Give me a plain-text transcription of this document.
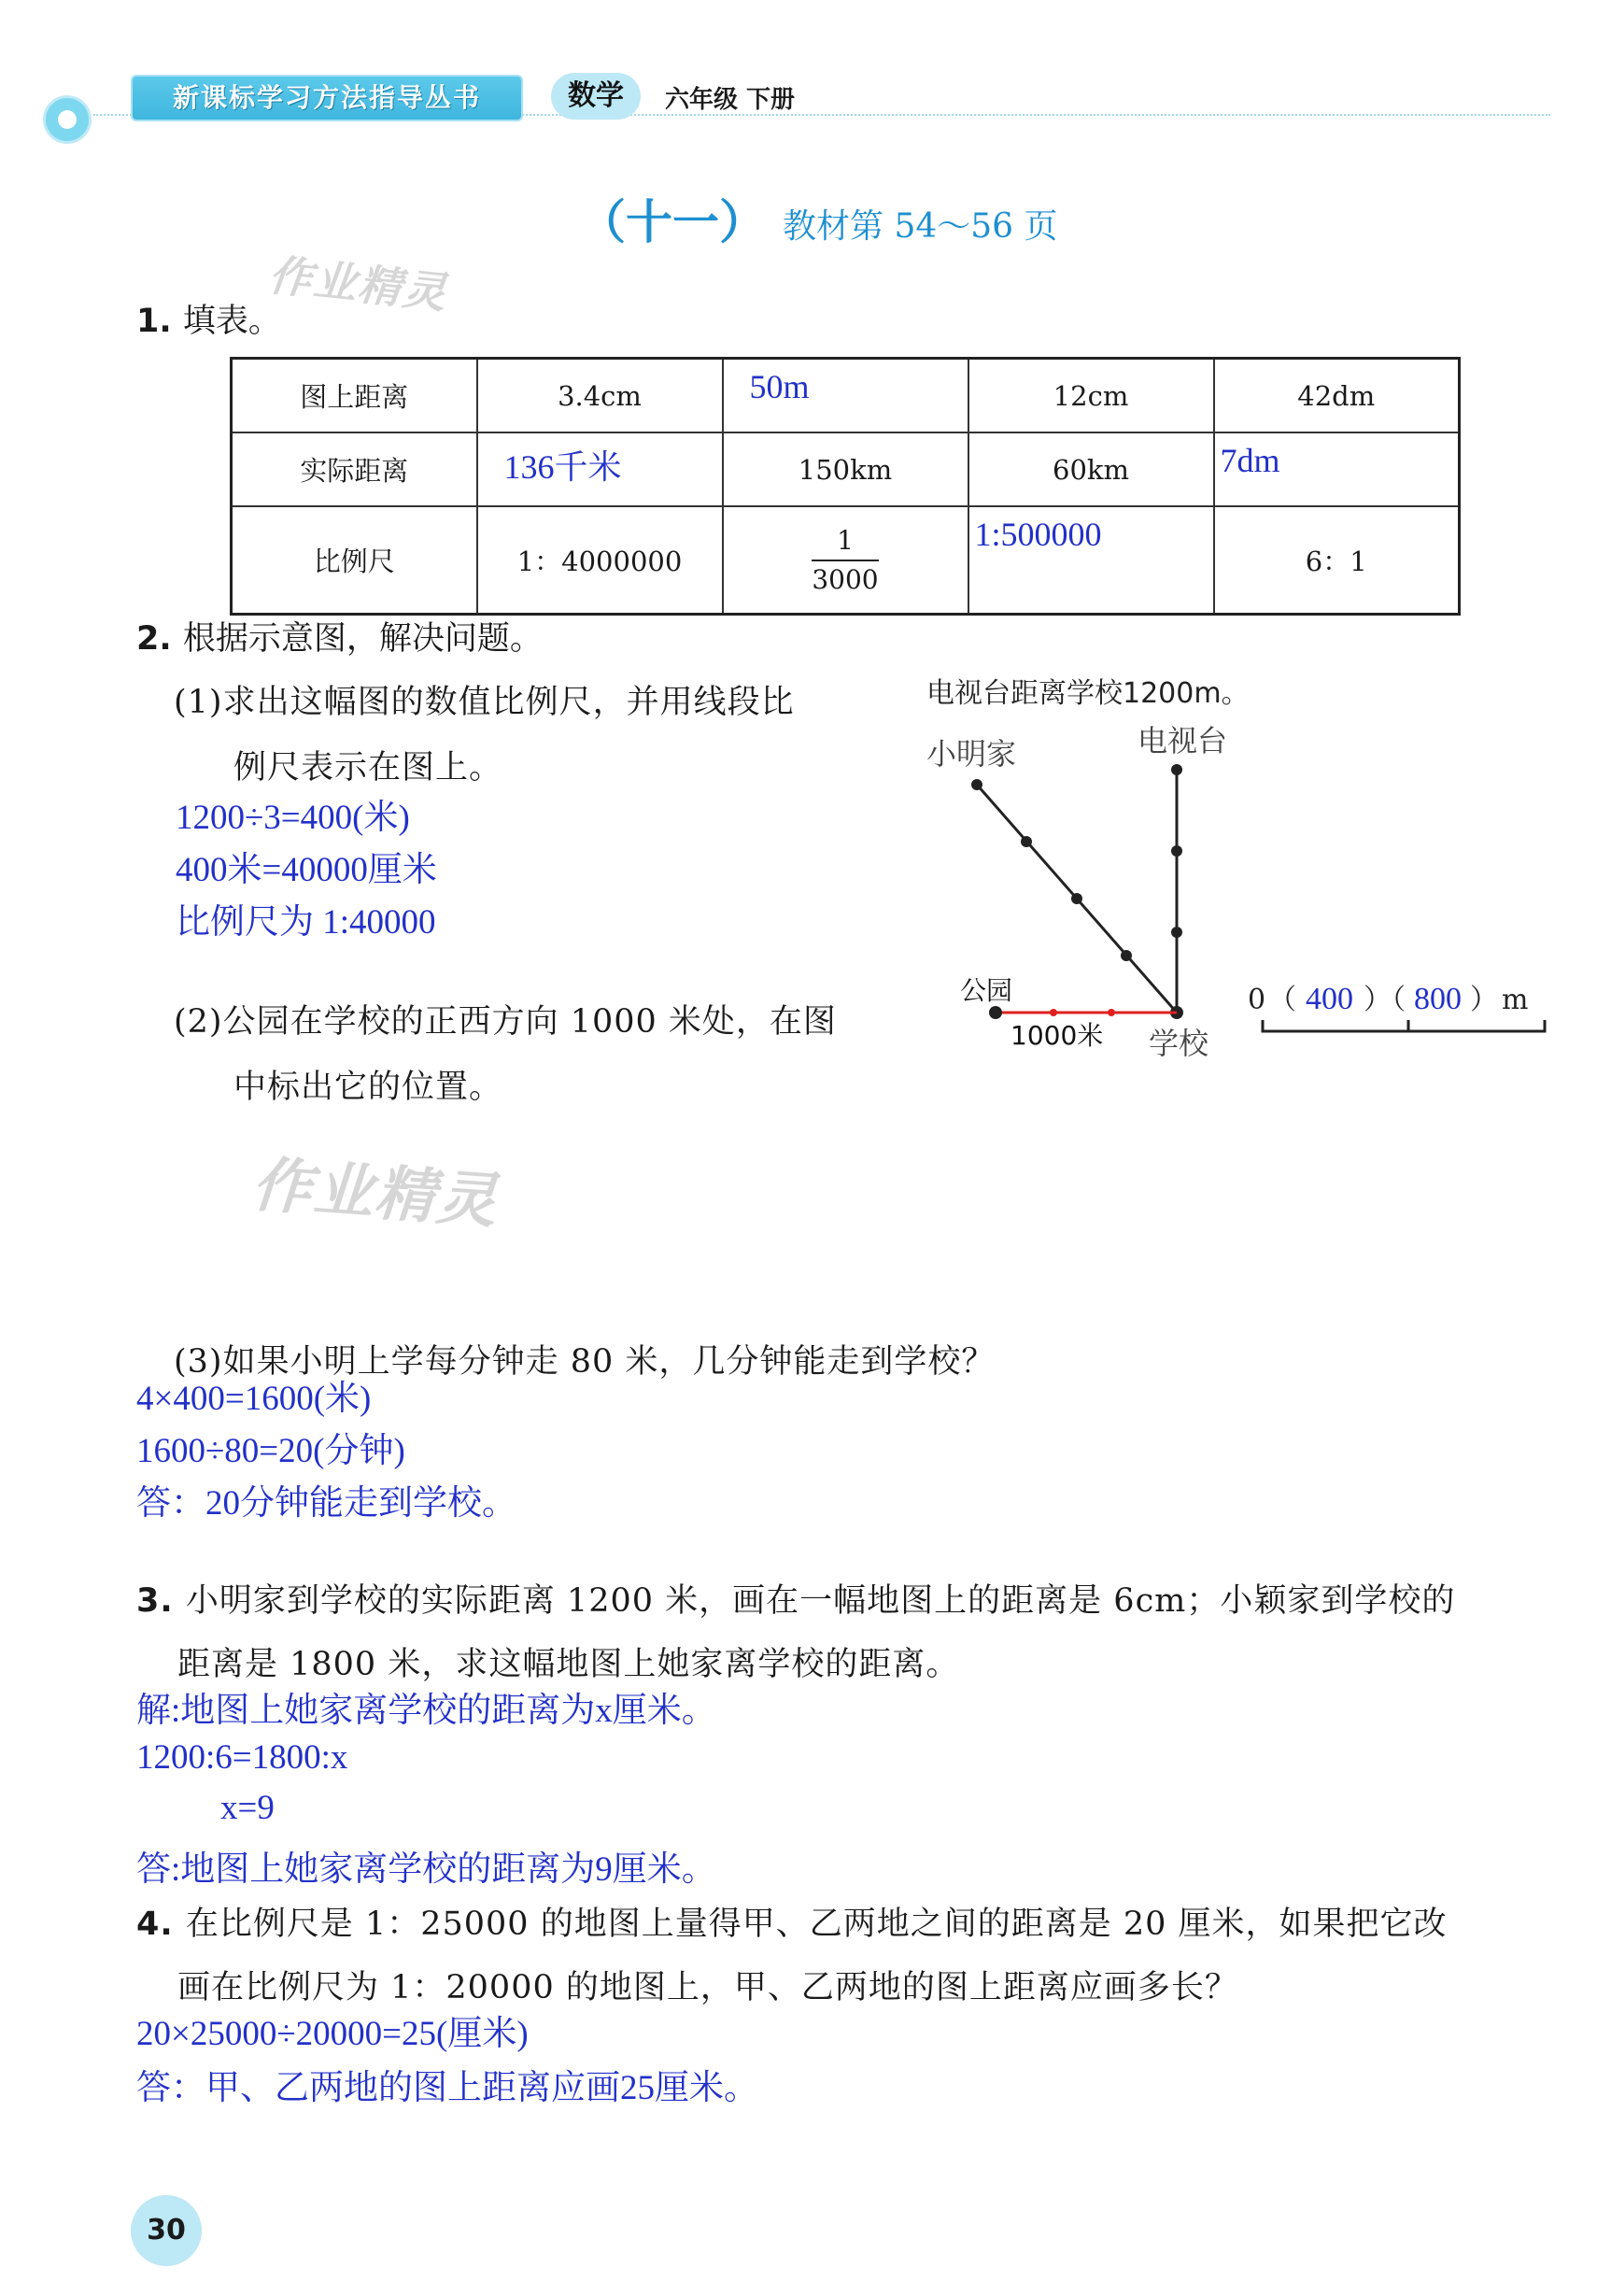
新课标学习方法指导丛书	数学	六年级 下册
（十一） 教材第 54～56 页
作业精灵
作业精灵
1. 填表。
图上距离	3.4cm	50m	12cm	42dm
实际距离	136千米	150km	60km	7dm
比例尺	1：4000000	$\frac{1}{3000}$	1:500000	6：1
2. 根据示意图，解决问题。
(1)求出这幅图的数值比例尺，并用线段比
例尺表示在图上。
1200÷3=400(米)
400米=40000厘米
比例尺为 1:40000
(2)公园在学校的正西方向 1000 米处，在图
中标出它的位置。
电视台距离学校1200m。
小明家	电视台
公园
1000米 学校
0 （ 400 ）（ 800 ） m
(3)如果小明上学每分钟走 80 米，几分钟能走到学校？
4×400=1600(米)
1600÷80=20(分钟)
答：20分钟能走到学校。
3. 小明家到学校的实际距离 1200 米，画在一幅地图上的距离是 6cm；小颖家到学校的
距离是 1800 米，求这幅地图上她家离学校的距离。
解:地图上她家离学校的距离为x厘米。
1200:6=1800:x
x=9
答:地图上她家离学校的距离为9厘米。
4. 在比例尺是 1：25000 的地图上量得甲、乙两地之间的距离是 20 厘米，如果把它改
画在比例尺为 1：20000 的地图上，甲、乙两地的图上距离应画多长？
20×25000÷20000=25(厘米)
答：甲、乙两地的图上距离应画25厘米。
30
